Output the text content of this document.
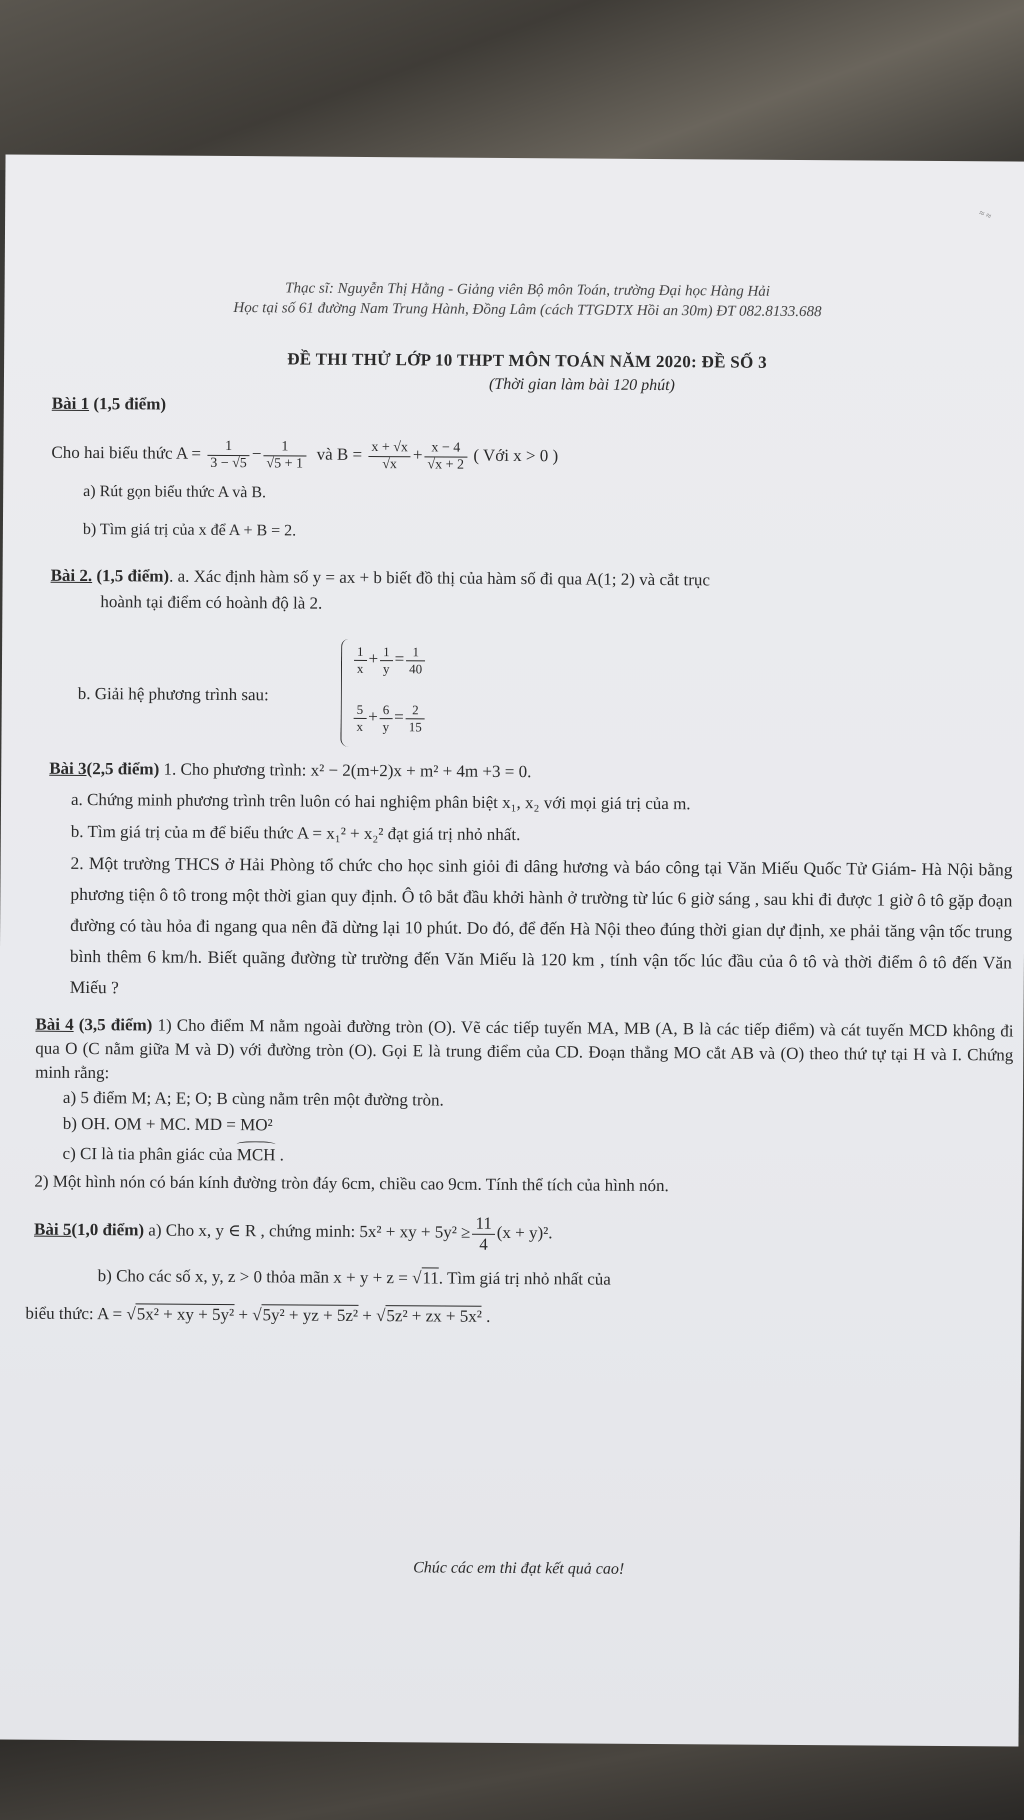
≈ ≈
Thạc sĩ: Nguyễn Thị Hằng - Giảng viên Bộ môn Toán, trường Đại học Hàng Hải
Học tại số 61 đường Nam Trung Hành, Đồng Lâm (cách TTGDTX Hồi an 30m) ĐT 082.8133.688
ĐỀ THI THỬ LỚP 10 THPT MÔN TOÁN NĂM 2020: ĐỀ SỐ 3
(Thời gian làm bài 120 phút)
Bài 1 (1,5 điểm)
Cho hai biểu thức $A = \frac{1}{3 - √5} - \frac{1}{√5 + 1}$ và $B = \frac{x + √x}{√x} + \frac{x - 4}{√x + 2}$ ( Với x > 0 )
a) Rút gọn biểu thức A và B.
b) Tìm giá trị của x để A + B = 2.
Bài 2. (1,5 điểm). a. Xác định hàm số y = ax + b biết đồ thị của hàm số đi qua A(1; 2) và cắt trục
hoành tại điểm có hoành độ là 2.
b. Giải hệ phương trình sau:
$\frac{1}{x} + \frac{1}{y} = \frac{1}{40}$
$\frac{5}{x} + \frac{6}{y} = \frac{2}{15}$
Bài 3(2,5 điểm) 1. Cho phương trình: x² − 2(m+2)x + m² + 4m +3 = 0.
a. Chứng minh phương trình trên luôn có hai nghiệm phân biệt x₁, x₂ với mọi giá trị của m.
b. Tìm giá trị của m để biểu thức A = x₁² + x₂² đạt giá trị nhỏ nhất.
2. Một trường THCS ở Hải Phòng tổ chức cho học sinh giỏi đi dâng hương và báo công tại Văn Miếu Quốc Tử Giám- Hà Nội bằng phương tiện ô tô trong một thời gian quy định. Ô tô bắt đầu khởi hành ở trường từ lúc 6 giờ sáng , sau khi đi được 1 giờ ô tô gặp đoạn đường có tàu hỏa đi ngang qua nên đã dừng lại 10 phút. Do đó, để đến Hà Nội theo đúng thời gian dự định, xe phải tăng vận tốc trung bình thêm 6 km/h. Biết quãng đường từ trường đến Văn Miếu là 120 km , tính vận tốc lúc đầu của ô tô và thời điểm ô tô đến Văn Miếu ?
Bài 4 (3,5 điểm) 1) Cho điểm M nằm ngoài đường tròn (O). Vẽ các tiếp tuyến MA, MB (A, B là các tiếp điểm) và cát tuyến MCD không đi qua O (C nằm giữa M và D) với đường tròn (O). Gọi E là trung điểm của CD. Đoạn thẳng MO cắt AB và (O) theo thứ tự tại H và I. Chứng minh rằng:
a) 5 điểm M; A; E; O; B cùng nằm trên một đường tròn.
b) OH. OM + MC. MD = MO²
c) CI là tia phân giác của MCH .
2) Một hình nón có bán kính đường tròn đáy 6cm, chiều cao 9cm. Tính thể tích của hình nón.
Bài 5(1,0 điểm) a) Cho x, y ∈ R , chứng minh: 5x² + xy + $5y^2 \ge \frac{11}{4} (x + y)^2$.
b) Cho các số x, y, z > 0 thỏa mãn x + y + z = √11. Tìm giá trị nhỏ nhất của
biểu thức: A = √5x² + xy + 5y² + √5y² + yz + 5z² + √5z² + zx + 5x² .
Chúc các em thi đạt kết quả cao!
